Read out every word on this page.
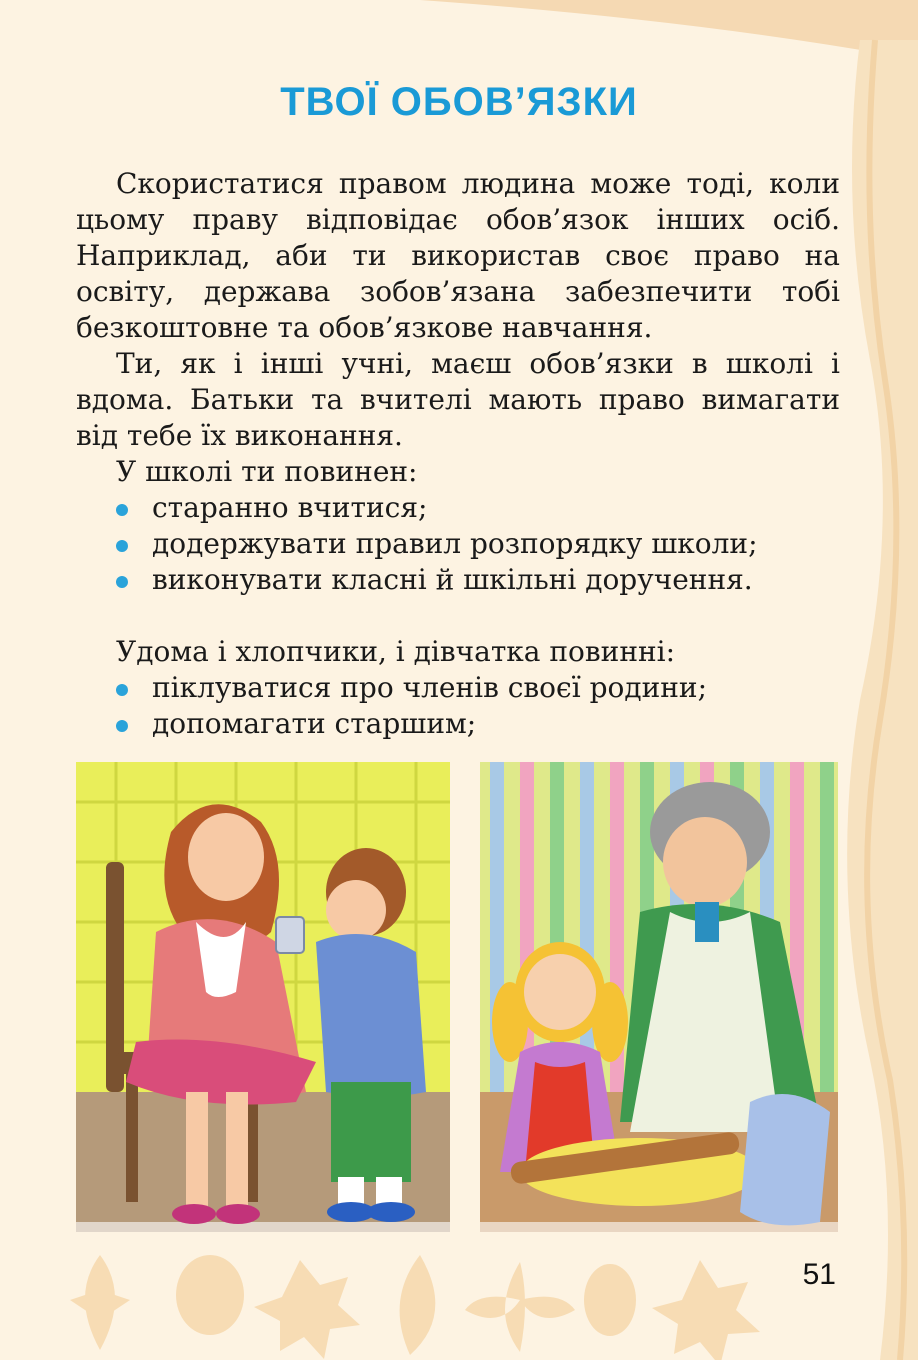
ТВОЇ ОБОВ’ЯЗКИ

Скористатися правом людина може тоді, коли цьому праву відповідає обов’язок інших осіб. Наприклад, аби ти використав своє право на освіту, держава зобов’язана забезпечити тобі безкоштовне та обов’язкове навчання.

Ти, як і інші учні, маєш обов’язки в школі і вдома. Батьки та вчителі мають право вимагати від тебе їх виконання.

У школі ти повинен:

старанно вчитися;
додержувати правил розпорядку школи;
виконувати класні й шкільні доручення.

Удома і хлопчики, і дівчатка повинні:

піклуватися про членів своєї родини;
допомагати старшим;
51
